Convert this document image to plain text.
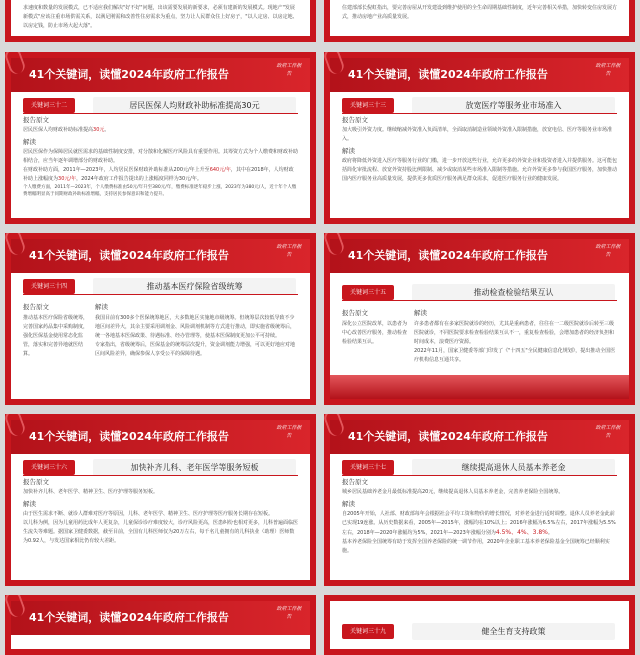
求速度和数量的发展模式，已不适应我们解决"好不好"问题，出该需要发展的新要求，必须有建新的发展模式。现地产"发展新模式"应该注重市场供需关系，以满足刚需和改善性住房需求为重点，坚力让人民群众住上好房子，"以人定房、以房定地、以房定钱，防止市场大起大落"。
住建部部长倪虹指出，要完善房屋从开发建设到维护使用的全生命周期基础性制度，近年完善相关举措，加快转变住房发展方式，推动房地产业高质量发展。
41个关键词，读懂2024年政府工作报告
政府工作报告
关键词三十二	居民医保人均财政补助标准提高30元
报告原文
居民医保人均财政补助标准提高30元。
解读
居民医保作为保障居民就医需求的基础性制度安排，对分散和化解医疗风险具有重要作用。其筹资方式为个人缴费和财政补助相结合，应当年逐年调增部分的财政补助。
在财政补助方面，2011年—2023年，人均居民医保财政补助标准从200元/年上升至640元/年，其中在2018年，人均财政补助上涨幅度为30元/年，2024年政府工作报告提出的上涨幅度同样为30元/年。
个人缴费方面，2011年—2023年，个人缴费标准由50元/年升至380元/年，缴费标准逐年稳步上涨，2023年为380元/人，近十年个人缴费增幅明显高于同期财政补助标准增幅，支持居民参保意识和能力提升。
41个关键词，读懂2024年政府工作报告
政府工作报告
关键词三十三	放宽医疗等服务业市场准入
报告原文
加大吸引外资力度。继续缩减外资准入负面清单，全面取消制造业领域外资准入限制措施，放宽电信、医疗等服务业市场准入。
解读
政府将降低外资进入医疗等服务行业的门槛，进一步开放这些行业，允许更多的外资企业和投资者进入并提供服务。这可能包括简化审批流程、放宽外资持股比例限制、减少或取消某些市场准入限制等措施。允许外资更多参与我国医疗服务，加快推动国内医疗服务业高质量发展，提供更多优质医疗服务满足群众需求，促进医疗服务行业的健康发展。
41个关键词，读懂2024年政府工作报告
政府工作报告
关键词三十四	推动基本医疗保险省级统筹
报告原文
推动基本医疗保险省级统筹，完善国家药品集中采购制度，强化医保基金使用常态化监管，落实和完善异地就医结算。
解读
我国目前有300多个医保统筹地区，大多数地区实施地市级统筹。但统筹层次较低导致不少地区间差异大，其余主要采用调剂金、风险调剂机制等方式进行推动，即实施省级统筹后，统一各地基本医保政策、待遇标准、经办管理等，使基本医保制度更加公平可持续。
专家指出，省级统筹后，医保基金的统筹层次提升，资金调剂能力增强，可以更好地应对地区间风险差异，确保参保人享受公平的保障待遇。
41个关键词，读懂2024年政府工作报告
政府工作报告
关键词三十五	推动检查检验结果互认
报告原文
深化公立医院改革，以患者为中心改善医疗服务，推动检查检验结果互认。
解读
许多患者都有在多家医院就诊的经历，尤其是重病患者，往往在一二级医院就诊后转至三级医院就诊，不同医院要求检查检验结果互认不一，重复检查检验，会增加患者的经济负担和时间成本，浪费医疗资源。
2022年11月，国家卫健委等部门印发了《"十四五"全民健康信息化规划》，提出推动全国医疗机构信息互通共享。
41个关键词，读懂2024年政府工作报告
政府工作报告
关键词三十六	加快补齐儿科、老年医学等服务短板
报告原文
加快补齐儿科、老年医学、精神卫生、医疗护理等服务短板。
解读
由于医生需求不断、就诊人群难对医疗等原因，儿科、老年医学、精神卫生、医疗护理等医疗服务长期存在短板。
以儿科为例，因为儿童用药比成年人更复杂，儿童保诊诊疗难度较大，诊疗风险更高，医患纠纷也相对更多，儿科普遍面临医生流失等难题。据国家卫健委数据，截至目前，全国有儿科医师仅为20万左右，每千名儿童拥有的儿科执业（助理）医师数为0.92人，与发达国家相比仍有较大差距。
41个关键词，读懂2024年政府工作报告
政府工作报告
关键词三十七	继续提高退休人员基本养老金
报告原文
城乡居民基础养老金月最低标准提高20元，继续提高退休人员基本养老金，完善养老保险全国统筹。
解读
自2005年开始，人社部、财政部每年会根据社会平均工资和物价的增长情况，对养老金进行适时调整。退休人员养老金此前已实现19连涨。从历史数据来看，2005年—2015年，涨幅均在10%以上；2016年涨幅为6.5%左右，2017年涨幅为5.5%左右，2018年—2020年涨幅均为5%，2021年—2023年涨幅分别为4.5%、4%、3.8%。
基本养老保险全国统筹有助于发挥全国养老保险的统一调节作用，2020年企业职工基本养老保险基金全国统筹已经顺利实施。
41个关键词，读懂2024年政府工作报告
政府工作报告
关键词三十九	健全生育支持政策
